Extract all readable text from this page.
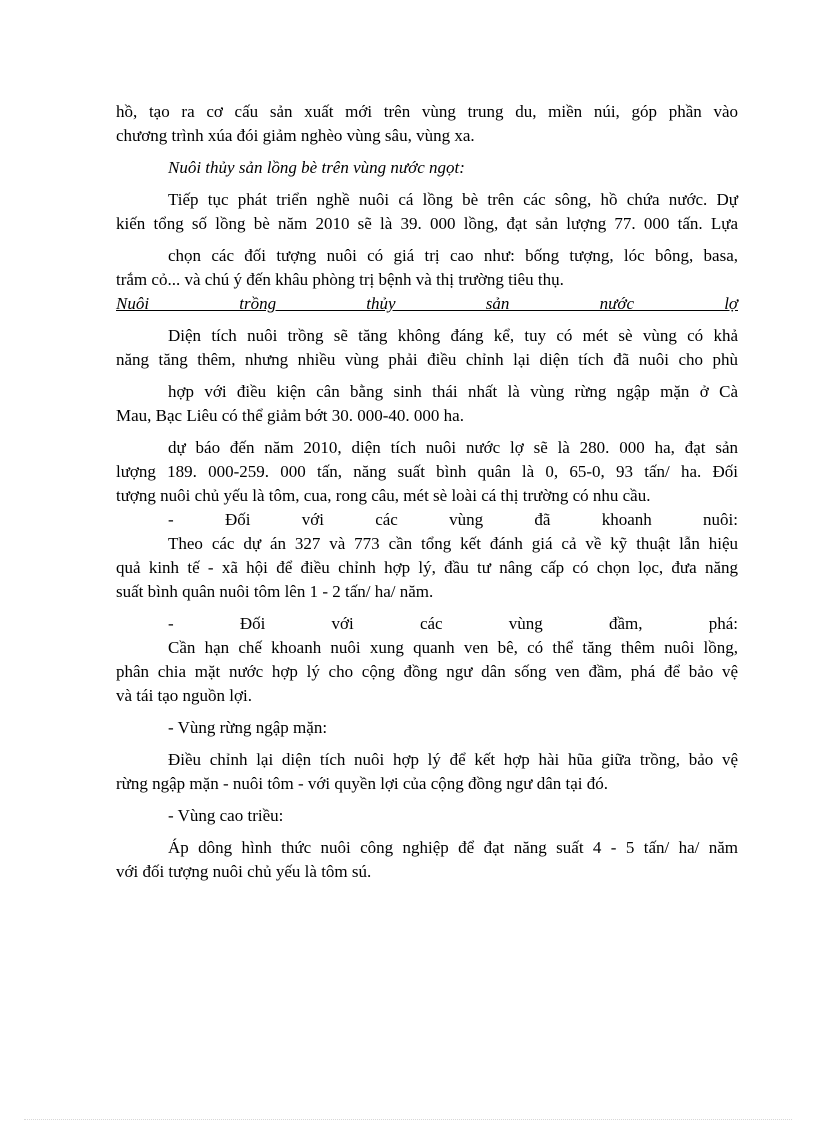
hồ, tạo ra cơ cấu sản xuất mới trên vùng trung du, miền núi, góp phần vào
chương trình xúa đói giảm nghèo vùng sâu, vùng xa.
Nuôi thủy sản lồng bè trên vùng nước ngọt:
Tiếp tục phát triển nghề nuôi cá lồng bè trên các sông, hồ chứa nước. Dự
kiến tổng số lồng bè năm 2010 sẽ là 39. 000 lồng, đạt sản lượng 77. 000 tấn. Lựa
chọn các đối tượng nuôi có giá trị cao như: bống tượng, lóc bông, basa,
trắm cỏ... và chú ý đến khâu phòng trị bệnh và thị trường tiêu thụ.
Nuôi trồng thủy sản nước lợ
Diện tích nuôi trồng sẽ tăng không đáng kể, tuy có mét sè vùng có khả
năng tăng thêm, nhưng nhiều vùng phải điều chỉnh lại diện tích đã nuôi cho phù
hợp với điều kiện cân bằng sinh thái nhất là vùng rừng ngập mặn ở Cà
Mau, Bạc Liêu có thể giảm bớt 30. 000-40. 000 ha.
dự báo đến năm 2010, diện tích nuôi nước lợ sẽ là 280. 000 ha, đạt sản
lượng 189. 000-259. 000 tấn, năng suất bình quân là 0, 65-0, 93 tấn/ ha. Đối
tượng nuôi chủ yếu là tôm, cua, rong câu, mét sè loài cá thị trường có nhu cầu.
- Đối với các vùng đã khoanh nuôi:
Theo các dự án 327 và 773 cần tổng kết đánh giá cả về kỹ thuật lẫn hiệu
quả kinh tế - xã hội để điều chỉnh hợp lý, đầu tư nâng cấp có chọn lọc, đưa năng
suất bình quân nuôi tôm lên 1 - 2 tấn/ ha/ năm.
- Đối với các vùng đầm, phá:
Cần hạn chế khoanh nuôi xung quanh ven bê, có thể tăng thêm nuôi lồng,
phân chia mặt nước hợp lý cho cộng đồng ngư dân sống ven đầm, phá để bảo vệ
và tái tạo nguồn lợi.
- Vùng rừng ngập mặn:
Điều chỉnh lại diện tích nuôi hợp lý để kết hợp hài hũa giữa trồng, bảo vệ
rừng ngập mặn - nuôi tôm - với quyền lợi của cộng đồng ngư dân tại đó.
- Vùng cao triều:
Áp dông hình thức nuôi công nghiệp để đạt năng suất 4 - 5 tấn/ ha/ năm
với đối tượng nuôi chủ yếu là tôm sú.
